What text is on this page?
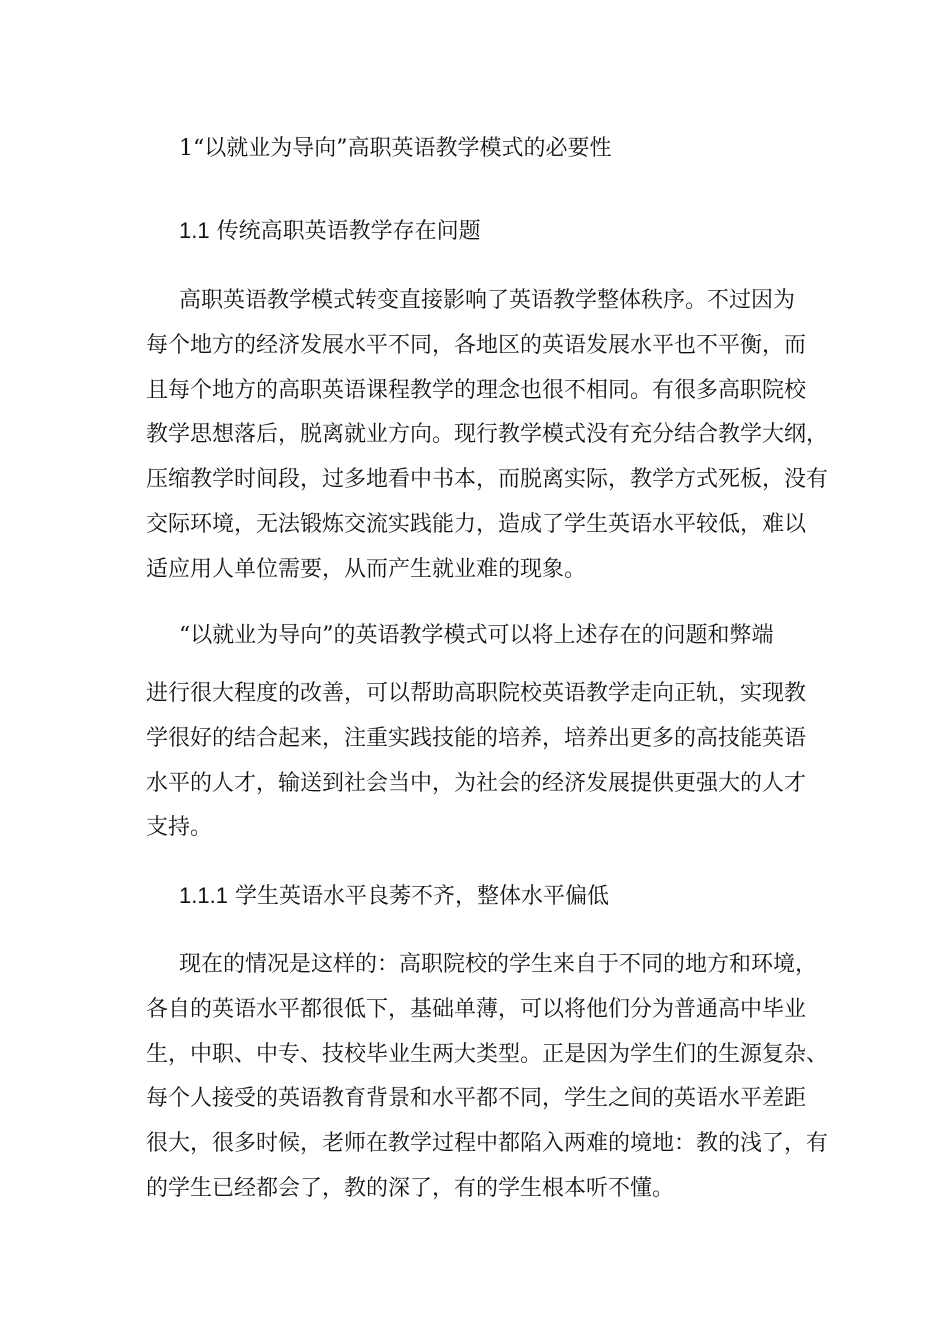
1“以就业为导向”高职英语教学模式的必要性

1.1 传统高职英语教学存在问题

高职英语教学模式转变直接影响了英语教学整体秩序。不过因为
每个地方的经济发展水平不同，各地区的英语发展水平也不平衡，而
且每个地方的高职英语课程教学的理念也很不相同。有很多高职院校
教学思想落后，脱离就业方向。现行教学模式没有充分结合教学大纲，
压缩教学时间段，过多地看中书本，而脱离实际，教学方式死板，没有
交际环境，无法锻炼交流实践能力，造成了学生英语水平较低，难以
适应用人单位需要，从而产生就业难的现象。
“以就业为导向”的英语教学模式可以将上述存在的问题和弊端
进行很大程度的改善，可以帮助高职院校英语教学走向正轨，实现教
学很好的结合起来，注重实践技能的培养，培养出更多的高技能英语
水平的人才，输送到社会当中，为社会的经济发展提供更强大的人才
支持。

1.1.1 学生英语水平良莠不齐，整体水平偏低

现在的情况是这样的：高职院校的学生来自于不同的地方和环境，
各自的英语水平都很低下，基础单薄，可以将他们分为普通高中毕业
生，中职、中专、技校毕业生两大类型。正是因为学生们的生源复杂、
每个人接受的英语教育背景和水平都不同，学生之间的英语水平差距
很大，很多时候，老师在教学过程中都陷入两难的境地：教的浅了，有
的学生已经都会了，教的深了，有的学生根本听不懂。
